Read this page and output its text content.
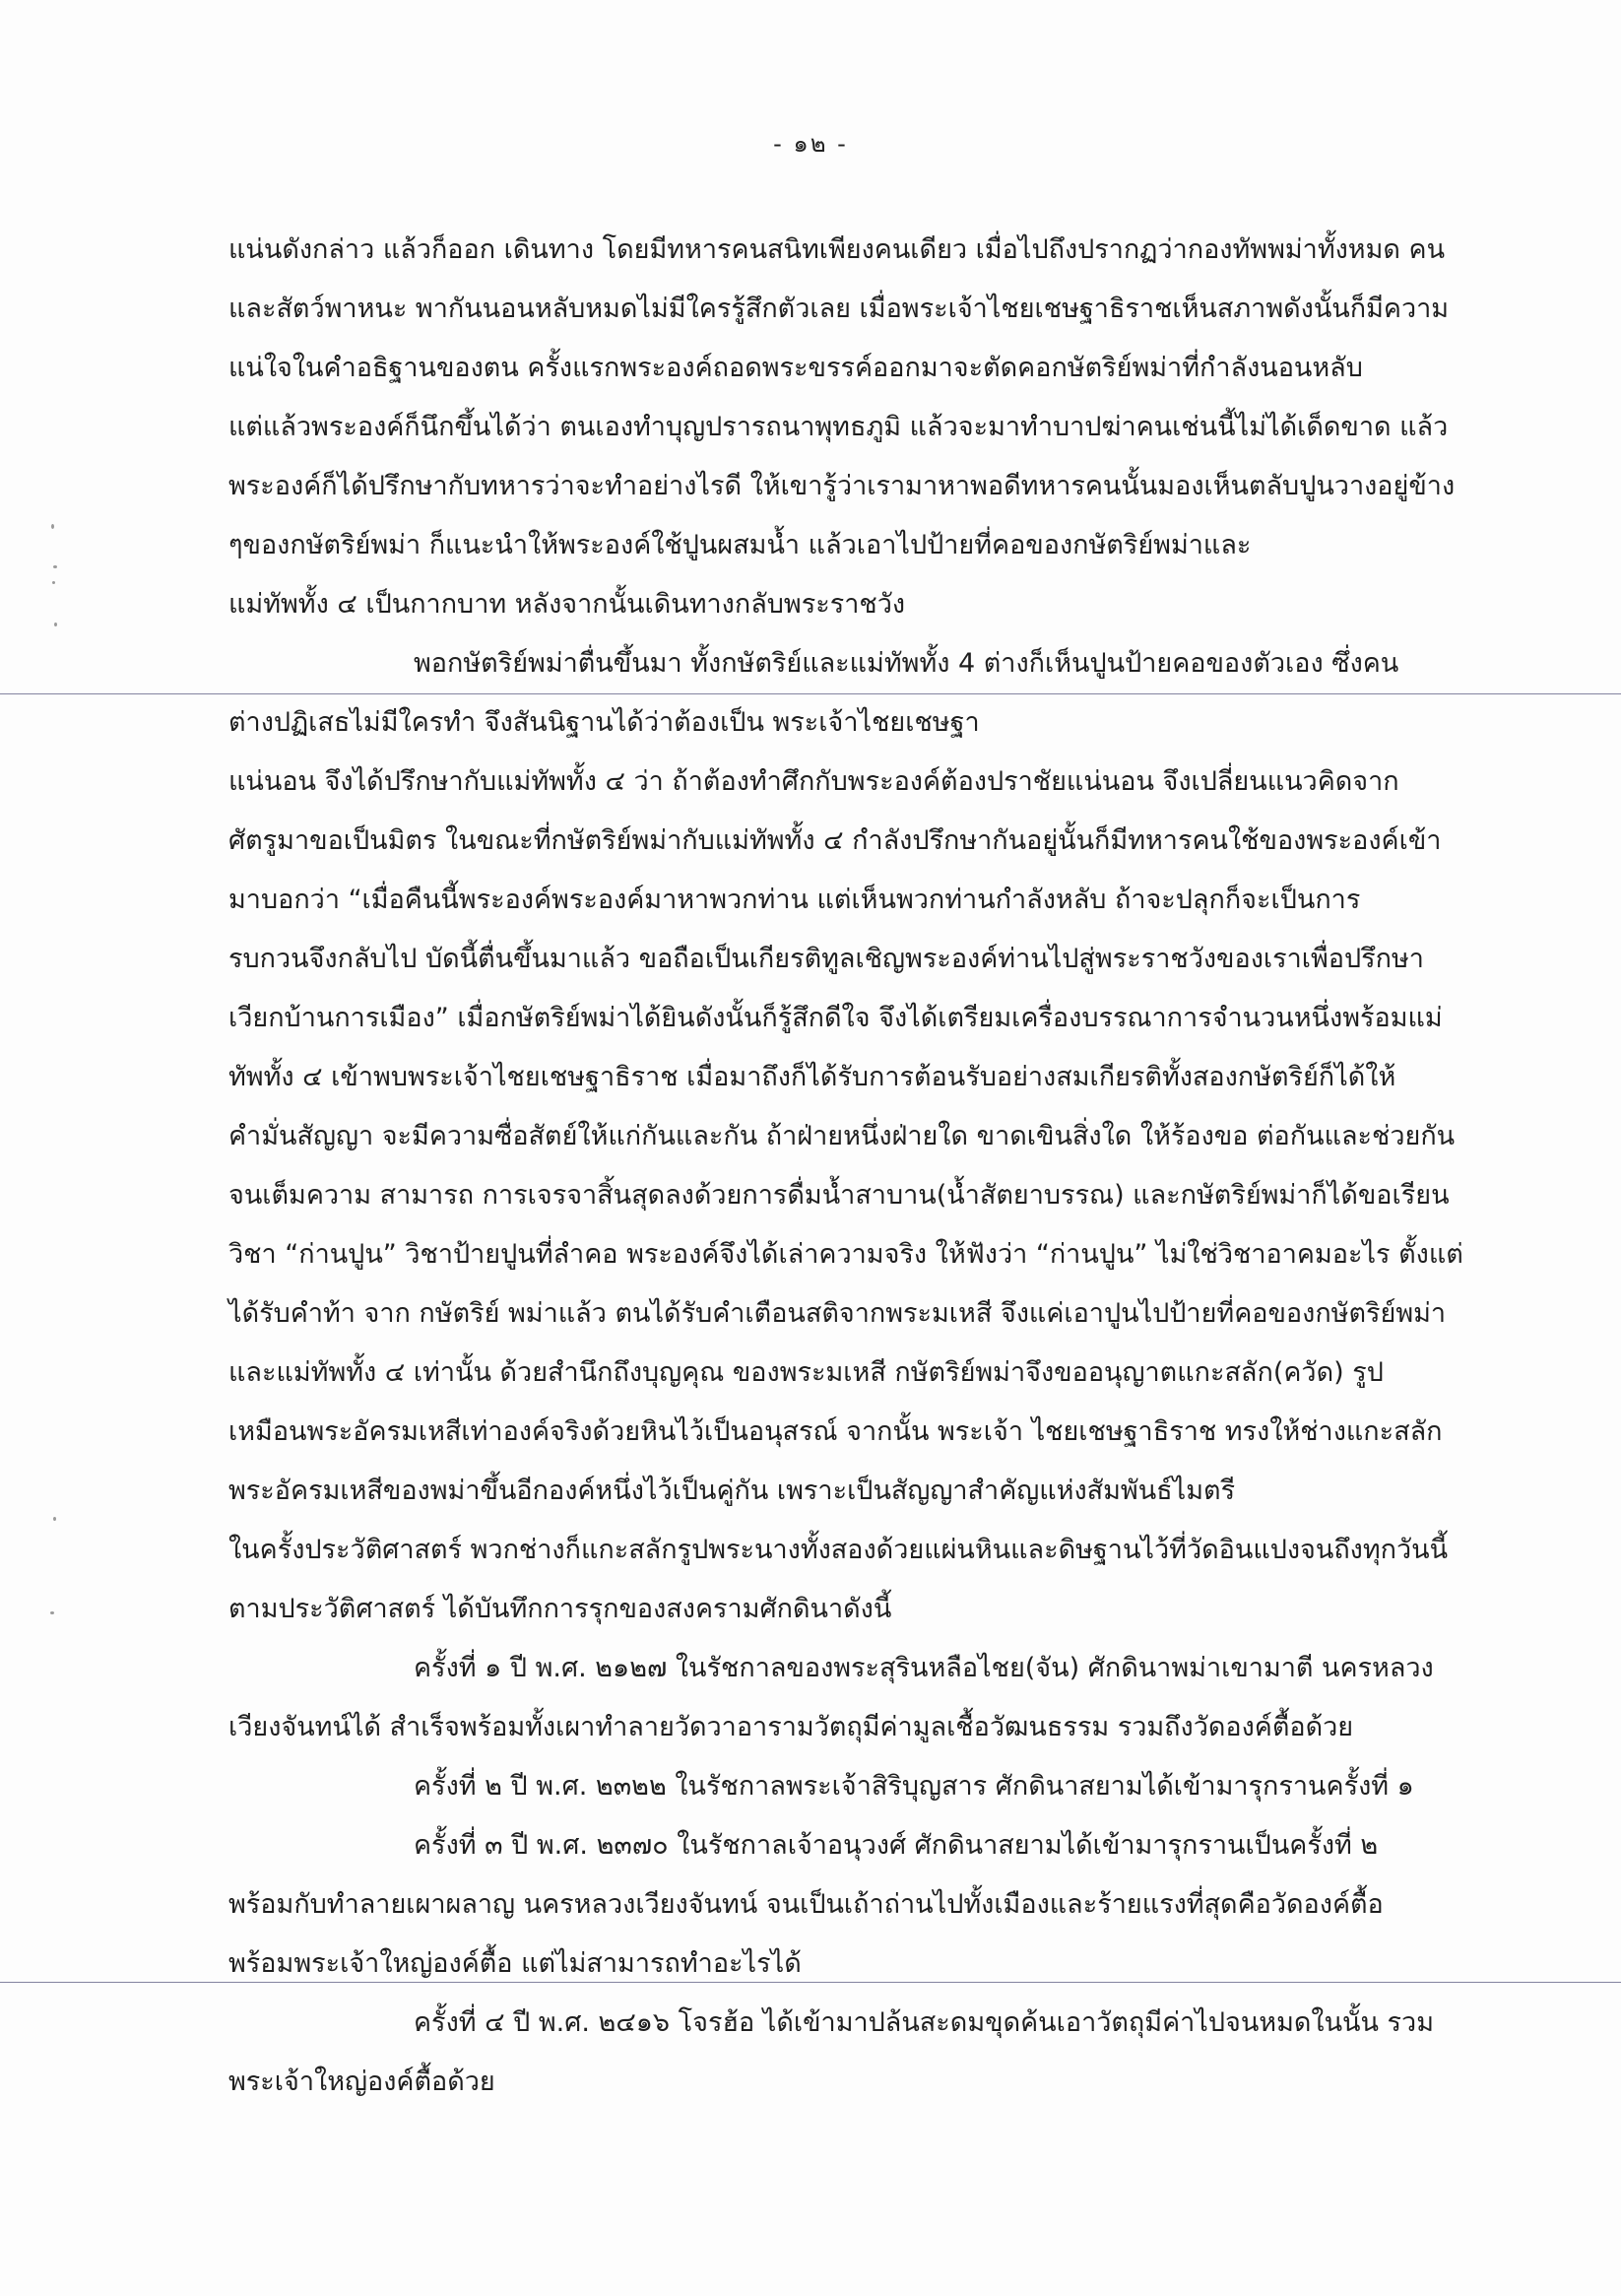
- ๑๒ -
แน่นดังกล่าว แล้วก็ออก เดินทาง โดยมีทหารคนสนิทเพียงคนเดียว เมื่อไปถึงปรากฏว่ากองทัพพม่าทั้งหมด คน
และสัตว์พาหนะ พากันนอนหลับหมดไม่มีใครรู้สึกตัวเลย เมื่อพระเจ้าไชยเชษฐาธิราชเห็นสภาพดังนั้นก็มีความ
แน่ใจในคำอธิฐานของตน ครั้งแรกพระองค์ถอดพระขรรค์ออกมาจะตัดคอกษัตริย์พม่าที่กำลังนอนหลับ
แต่แล้วพระองค์ก็นึกขึ้นได้ว่า ตนเองทำบุญปรารถนาพุทธภูมิ แล้วจะมาทำบาปฆ่าคนเช่นนี้ไม่ได้เด็ดขาด แล้ว
พระองค์ก็ได้ปรึกษากับทหารว่าจะทำอย่างไรดี ให้เขารู้ว่าเรามาหาพอดีทหารคนนั้นมองเห็นตลับปูนวางอยู่ข้าง
ๆของกษัตริย์พม่า ก็แนะนำให้พระองค์ใช้ปูนผสมน้ำ แล้วเอาไปป้ายที่คอของกษัตริย์พม่าและ
แม่ทัพทั้ง ๔ เป็นกากบาท หลังจากนั้นเดินทางกลับพระราชวัง
พอกษัตริย์พม่าตื่นขึ้นมา ทั้งกษัตริย์และแม่ทัพทั้ง 4 ต่างก็เห็นปูนป้ายคอของตัวเอง ซึ่งคน
ต่างปฏิเสธไม่มีใครทำ จึงสันนิฐานได้ว่าต้องเป็น พระเจ้าไชยเชษฐา
แน่นอน จึงได้ปรึกษากับแม่ทัพทั้ง ๔ ว่า ถ้าต้องทำศึกกับพระองค์ต้องปราชัยแน่นอน จึงเปลี่ยนแนวคิดจาก
ศัตรูมาขอเป็นมิตร ในขณะที่กษัตริย์พม่ากับแม่ทัพทั้ง ๔ กำลังปรึกษากันอยู่นั้นก็มีทหารคนใช้ของพระองค์เข้า
มาบอกว่า “เมื่อคืนนี้พระองค์พระองค์มาหาพวกท่าน แต่เห็นพวกท่านกำลังหลับ ถ้าจะปลุกก็จะเป็นการ
รบกวนจึงกลับไป บัดนี้ตื่นขึ้นมาแล้ว ขอถือเป็นเกียรติทูลเชิญพระองค์ท่านไปสู่พระราชวังของเราเพื่อปรึกษา
เวียกบ้านการเมือง” เมื่อกษัตริย์พม่าได้ยินดังนั้นก็รู้สึกดีใจ จึงได้เตรียมเครื่องบรรณาการจำนวนหนึ่งพร้อมแม่
ทัพทั้ง ๔ เข้าพบพระเจ้าไชยเชษฐาธิราช เมื่อมาถึงก็ได้รับการต้อนรับอย่างสมเกียรติทั้งสองกษัตริย์ก็ได้ให้
คำมั่นสัญญา จะมีความซื่อสัตย์ให้แก่กันและกัน ถ้าฝ่ายหนึ่งฝ่ายใด ขาดเขินสิ่งใด ให้ร้องขอ ต่อกันและช่วยกัน
จนเต็มความ สามารถ การเจรจาสิ้นสุดลงด้วยการดื่มน้ำสาบาน(น้ำสัตยาบรรณ) และกษัตริย์พม่าก็ได้ขอเรียน
วิชา “ก่านปูน” วิชาป้ายปูนที่ลำคอ พระองค์จึงได้เล่าความจริง ให้ฟังว่า “ก่านปูน” ไม่ใช่วิชาอาคมอะไร ตั้งแต่
ได้รับคำท้า จาก กษัตริย์ พม่าแล้ว ตนได้รับคำเตือนสติจากพระมเหสี จึงแค่เอาปูนไปป้ายที่คอของกษัตริย์พม่า
และแม่ทัพทั้ง ๔ เท่านั้น ด้วยสำนึกถึงบุญคุณ ของพระมเหสี กษัตริย์พม่าจึงขออนุญาตแกะสลัก(ควัด) รูป
เหมือนพระอัครมเหสีเท่าองค์จริงด้วยหินไว้เป็นอนุสรณ์ จากนั้น พระเจ้า ไชยเชษฐาธิราช ทรงให้ช่างแกะสลัก
พระอัครมเหสีของพม่าขึ้นอีกองค์หนึ่งไว้เป็นคู่กัน เพราะเป็นสัญญาสำคัญแห่งสัมพันธ์ไมตรี
ในครั้งประวัติศาสตร์ พวกช่างก็แกะสลักรูปพระนางทั้งสองด้วยแผ่นหินและดิษฐานไว้ที่วัดอินแปงจนถึงทุกวันนี้
ตามประวัติศาสตร์ ได้บันทึกการรุกของสงครามศักดินาดังนี้
ครั้งที่ ๑ ปี พ.ศ. ๒๑๒๗ ในรัชกาลของพระสุรินหลือไชย(จัน) ศักดินาพม่าเขามาตี นครหลวง
เวียงจันทน์ได้ สำเร็จพร้อมทั้งเผาทำลายวัดวาอารามวัตถุมีค่ามูลเชื้อวัฒนธรรม รวมถึงวัดองค์ตื้อด้วย
ครั้งที่ ๒ ปี พ.ศ. ๒๓๒๒ ในรัชกาลพระเจ้าสิริบุญสาร ศักดินาสยามได้เข้ามารุกรานครั้งที่ ๑
ครั้งที่ ๓ ปี พ.ศ. ๒๓๗๐ ในรัชกาลเจ้าอนุวงศ์ ศักดินาสยามได้เข้ามารุกรานเป็นครั้งที่ ๒
พร้อมกับทำลายเผาผลาญ นครหลวงเวียงจันทน์ จนเป็นเถ้าถ่านไปทั้งเมืองและร้ายแรงที่สุดคือวัดองค์ตื้อ
พร้อมพระเจ้าใหญ่องค์ตื้อ แต่ไม่สามารถทำอะไรได้
ครั้งที่ ๔ ปี พ.ศ. ๒๔๑๖ โจรฮ้อ ได้เข้ามาปล้นสะดมขุดค้นเอาวัตถุมีค่าไปจนหมดในนั้น รวม
พระเจ้าใหญ่องค์ตื้อด้วย
